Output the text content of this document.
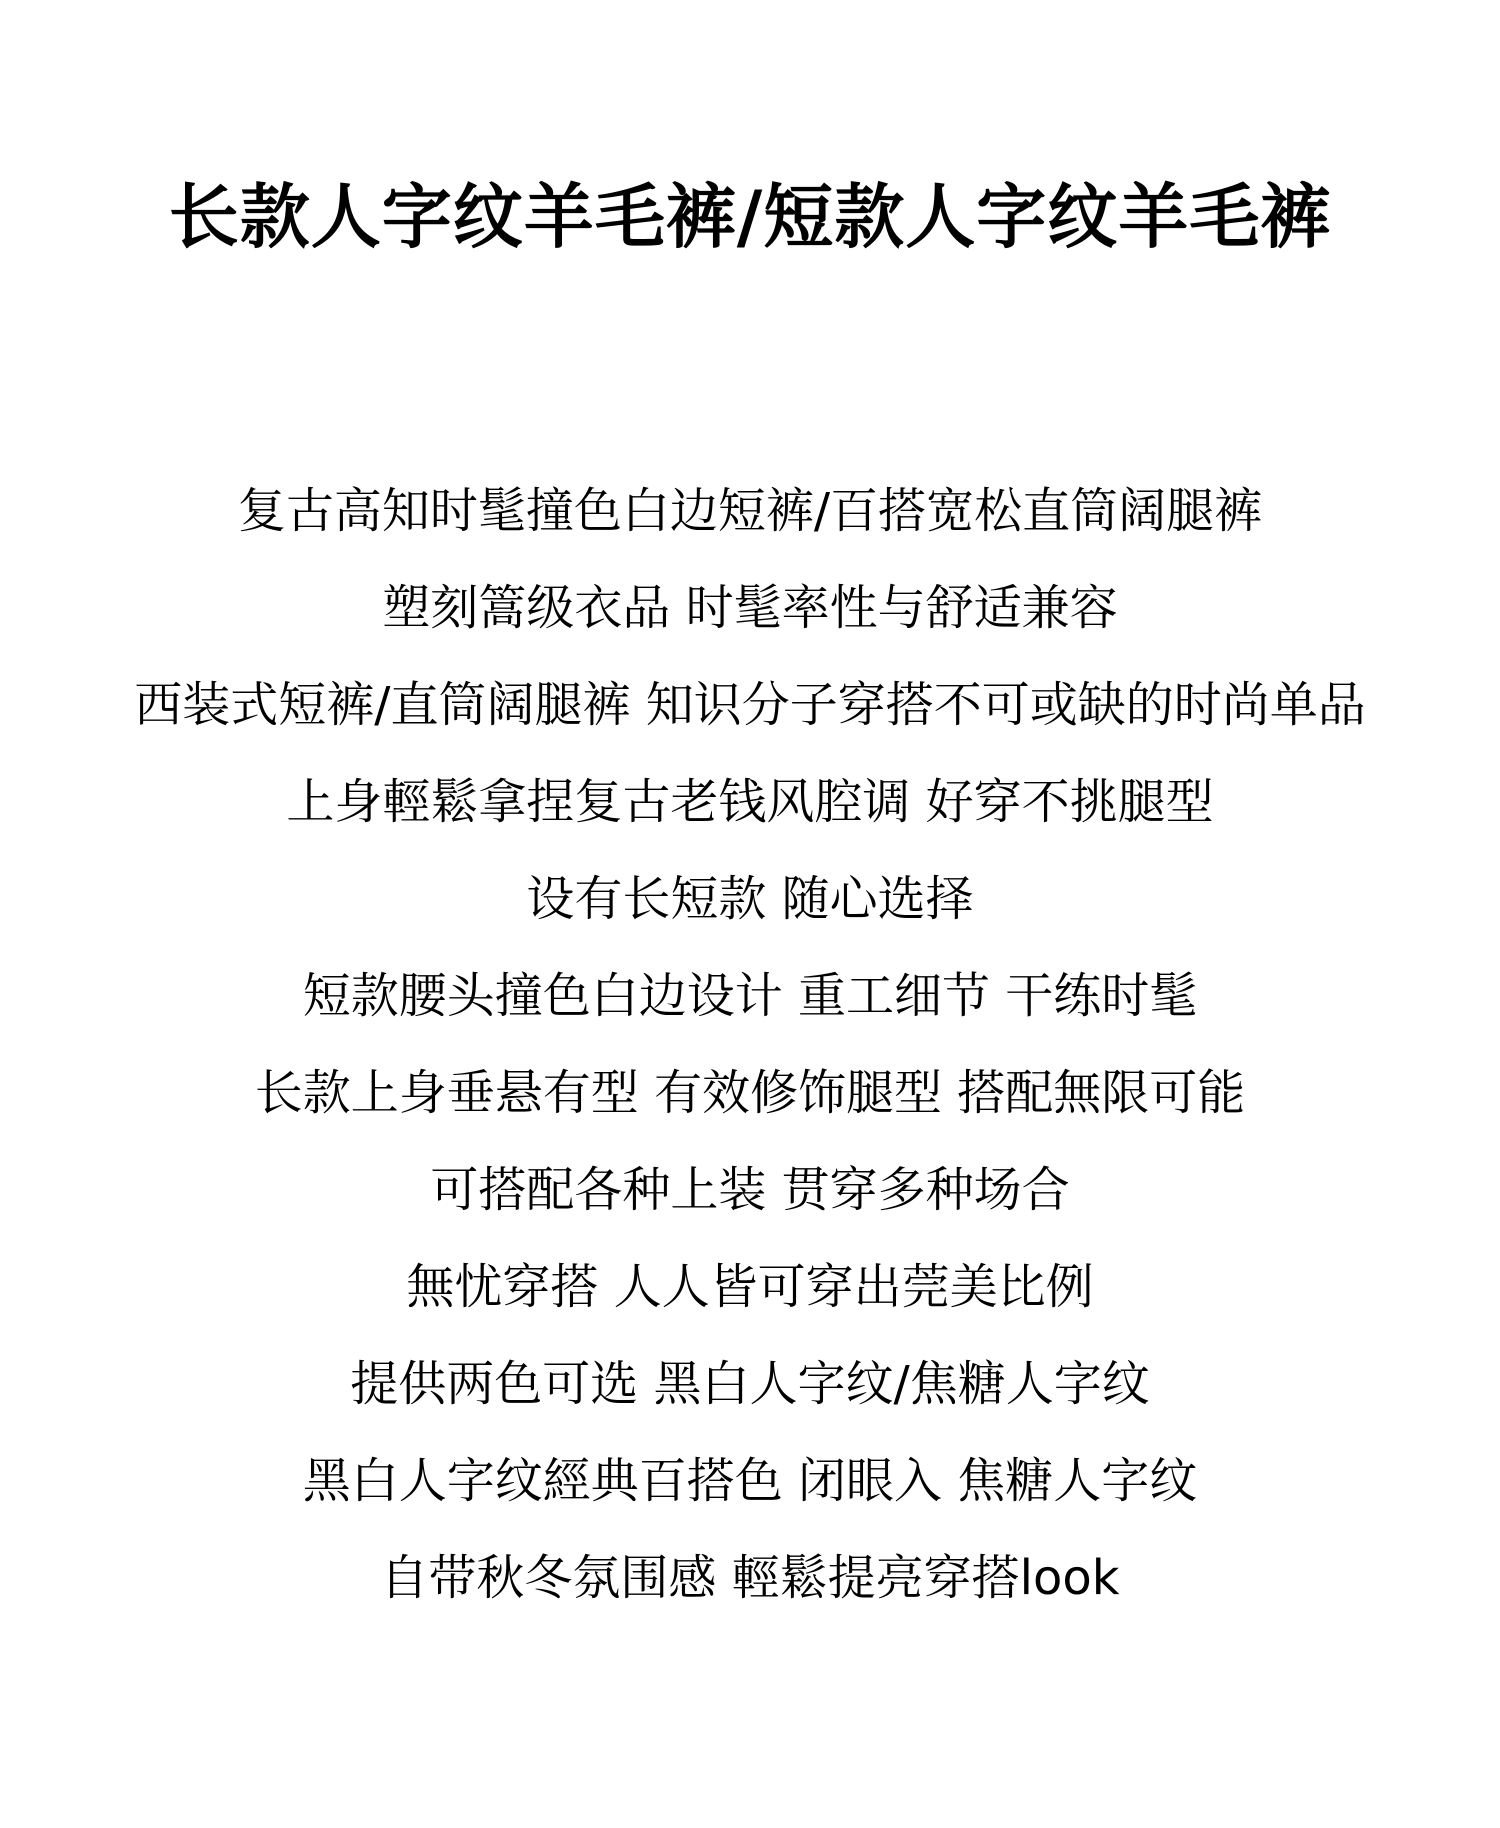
长款人字纹羊毛裤/短款人字纹羊毛裤
复古高知时髦撞色白边短裤/百搭宽松直筒阔腿裤
塑刻篙级衣品 时髦率性与舒适兼容
西装式短裤/直筒阔腿裤 知识分子穿搭不可或缺的时尚单品
上身輕鬆拿捏复古老钱风腔调 好穿不挑腿型
设有长短款 随心选择
短款腰头撞色白边设计 重工细节 干练时髦
长款上身垂悬有型 有效修饰腿型 搭配無限可能
可搭配各种上装 贯穿多种场合
無忧穿搭 人人皆可穿出莞美比例
提供两色可选 黑白人字纹/焦糖人字纹
黑白人字纹經典百搭色 闭眼入 焦糖人字纹
自带秋冬氛围感 輕鬆提亮穿搭look
